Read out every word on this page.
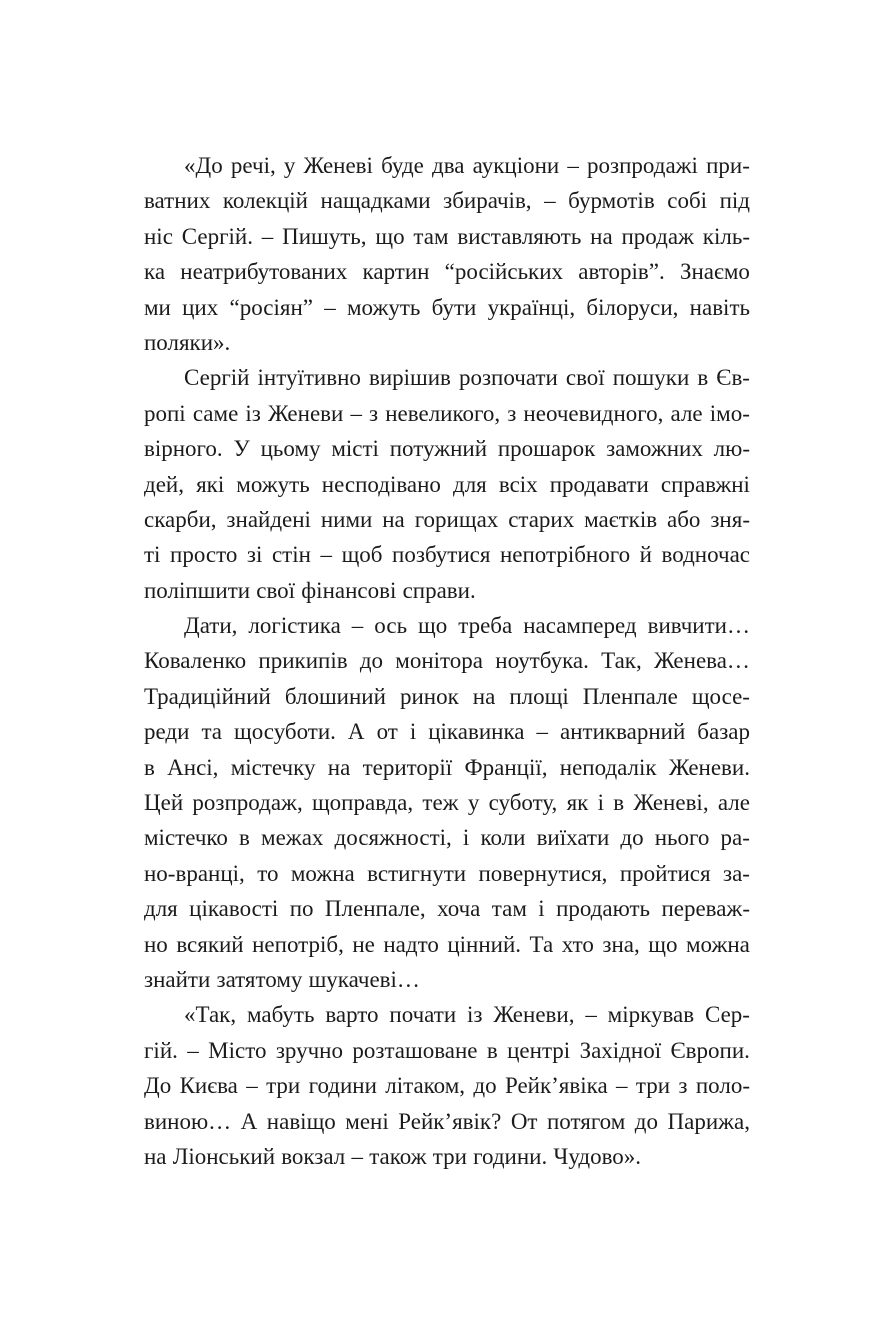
«До речі, у Женеві буде два аукціони – розпродажі при-
ватних колекцій нащадками збирачів, – бурмотів собі під
ніс Сергій. – Пишуть, що там виставляють на продаж кіль-
ка неатрибутованих картин “російських авторів”. Знаємо
ми цих “росіян” – можуть бути українці, білоруси, навіть
поляки».
Сергій інтуїтивно вирішив розпочати свої пошуки в Єв-
ропі саме із Женеви – з невеликого, з неочевидного, але імо-
вірного. У цьому місті потужний прошарок заможних лю-
дей, які можуть несподівано для всіх продавати справжні
скарби, знайдені ними на горищах старих маєтків або зня-
ті просто зі стін – щоб позбутися непотрібного й водночас
поліпшити свої фінансові справи.
Дати, логістика – ось що треба насамперед вивчити…
Коваленко прикипів до монітора ноутбука. Так, Женева…
Традиційний блошиний ринок на площі Пленпале щосе-
реди та щосуботи. А от і цікавинка – антикварний базар
в Ансі, містечку на території Франції, неподалік Женеви.
Цей розпродаж, щоправда, теж у суботу, як і в Женеві, але
містечко в межах досяжності, і коли виїхати до нього ра-
но-вранці, то можна встигнути повернутися, пройтися за-
для цікавості по Пленпале, хоча там і продають переваж-
но всякий непотріб, не надто цінний. Та хто зна, що можна
знайти затятому шукачеві…
«Так, мабуть варто почати із Женеви, – міркував Сер-
гій. – Місто зручно розташоване в центрі Західної Європи.
До Києва – три години літаком, до Рейк’явіка – три з поло-
виною… А навіщо мені Рейк’явік? От потягом до Парижа,
на Ліонський вокзал – також три години. Чудово».
